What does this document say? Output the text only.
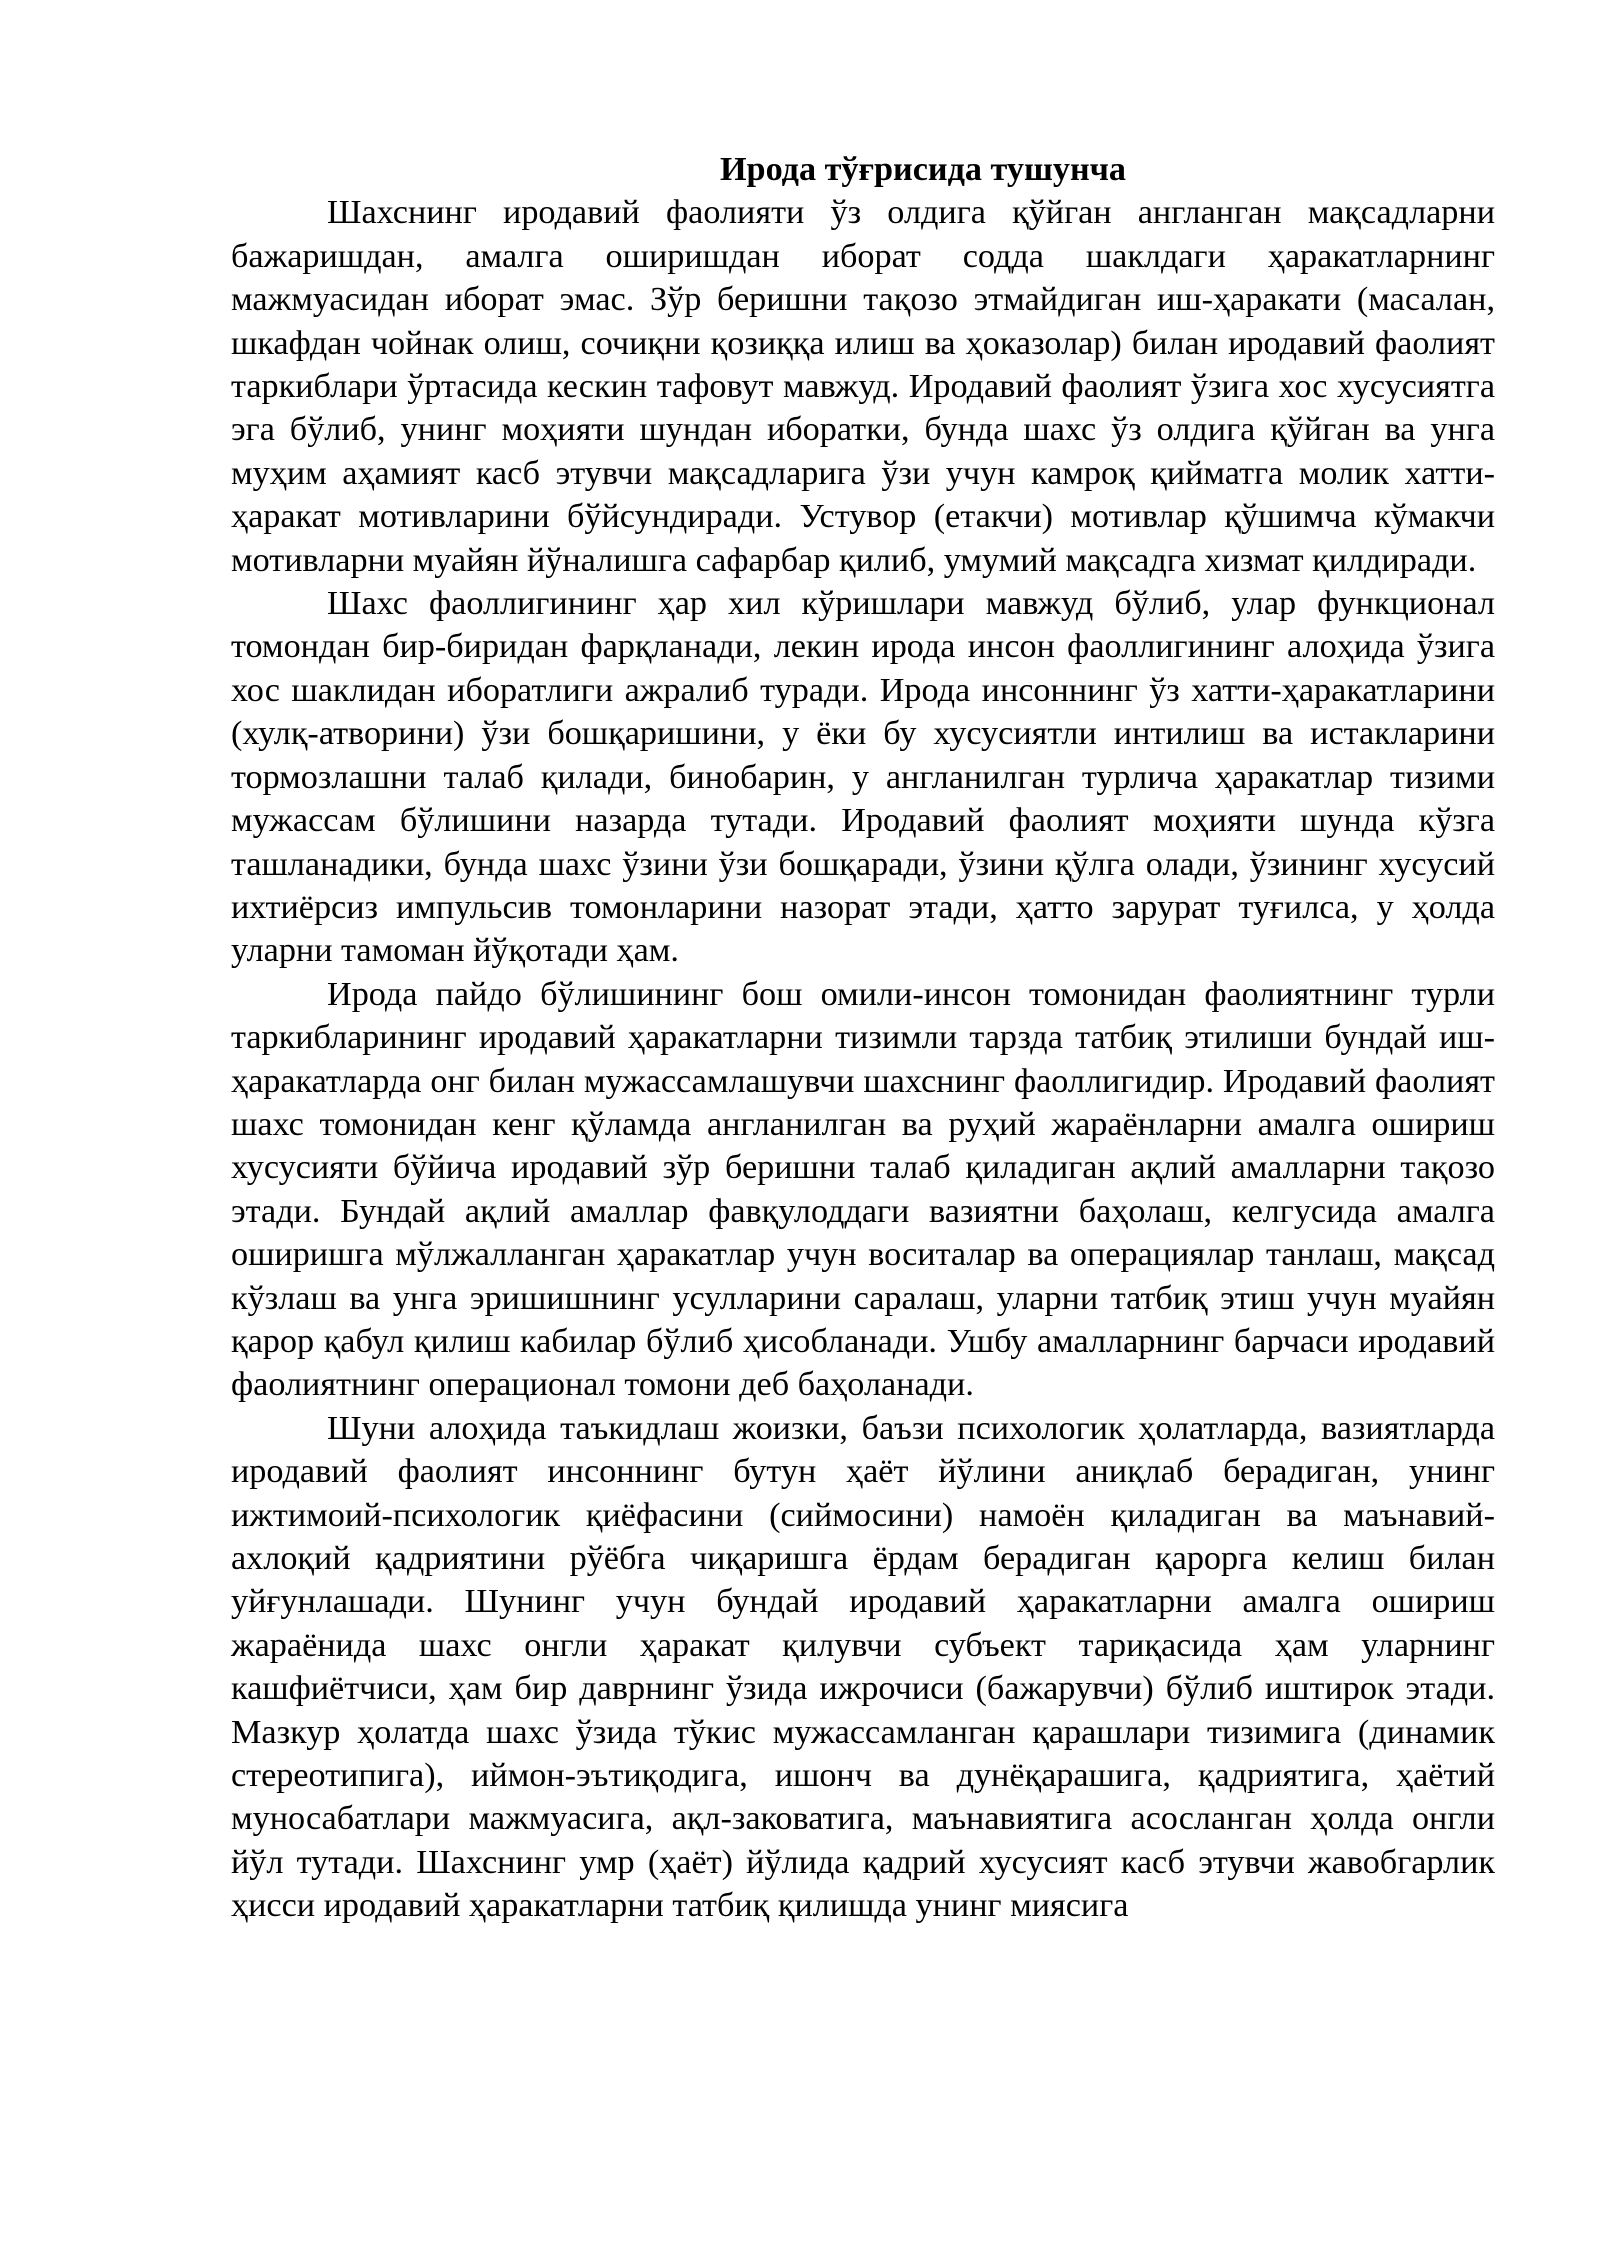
Ирода тўғрисида тушунча

Шахснинг иродавий фаолияти ўз олдига қўйган англанган мақсадларни бажаришдан, амалга оширишдан иборат содда шаклдаги ҳаракатларнинг мажмуасидан иборат эмас. Зўр беришни тақозо этмайдиган иш-ҳаракати (масалан, шкафдан чойнак олиш, сочиқни қозиққа илиш ва ҳоказолар) билан иродавий фаолият таркиблари ўртасида кескин тафовут мавжуд. Иродавий фаолият ўзига хос хусусиятга эга бўлиб, унинг моҳияти шундан иборатки, бунда шахс ўз олдига қўйган ва унга муҳим аҳамият касб этувчи мақсадларига ўзи учун камроқ қийматга молик хатти-ҳаракат мотивларини бўйсундиради. Устувор (етакчи) мотивлар қўшимча кўмакчи мотивларни муайян йўналишга сафарбар қилиб, умумий мақсадга хизмат қилдиради.

Шахс фаоллигининг ҳар хил кўришлари мавжуд бўлиб, улар функционал томондан бир-биридан фарқланади, лекин ирода инсон фаоллигининг алоҳида ўзига хос шаклидан иборатлиги ажралиб туради. Ирода инсоннинг ўз хатти-ҳаракатларини (хулқ-атворини) ўзи бошқаришини, у ёки бу хусусиятли интилиш ва истакларини тормозлашни талаб қилади, бинобарин, у англанилган турлича ҳаракатлар тизими мужассам бўлишини назарда тутади. Иродавий фаолият моҳияти шунда кўзга ташланадики, бунда шахс ўзини ўзи бошқаради, ўзини қўлга олади, ўзининг хусусий ихтиёрсиз импульсив томонларини назорат этади, ҳатто зарурат туғилса, у ҳолда уларни тамоман йўқотади ҳам.

Ирода пайдо бўлишининг бош омили-инсон томонидан фаолиятнинг турли таркибларининг иродавий ҳаракатларни тизимли тарзда татбиқ этилиши бундай иш-ҳаракатларда онг билан мужассамлашувчи шахснинг фаоллигидир. Иродавий фаолият шахс томонидан кенг қўламда англанилган ва руҳий жараёнларни амалга ошириш хусусияти бўйича иродавий зўр беришни талаб қиладиган ақлий амалларни тақозо этади. Бундай ақлий амаллар фавқулоддаги вазиятни баҳолаш, келгусида амалга оширишга мўлжалланган ҳаракатлар учун воситалар ва операциялар танлаш, мақсад кўзлаш ва унга эришишнинг усулларини саралаш, уларни татбиқ этиш учун муайян қарор қабул қилиш кабилар бўлиб ҳисобланади. Ушбу амалларнинг барчаси иродавий фаолиятнинг операционал томони деб баҳоланади.

Шуни алоҳида таъкидлаш жоизки, баъзи психологик ҳолатларда, вазиятларда иродавий фаолият инсоннинг бутун ҳаёт йўлини аниқлаб берадиган, унинг ижтимоий-психологик қиёфасини (сиймосини) намоён қиладиган ва маънавий-ахлоқий қадриятини рўёбга чиқаришга ёрдам берадиган қарорга келиш билан уйғунлашади. Шунинг учун бундай иродавий ҳаракатларни амалга ошириш жараёнида шахс онгли ҳаракат қилувчи субъект тариқасида ҳам уларнинг кашфиётчиси, ҳам бир даврнинг ўзида ижрочиси (бажарувчи) бўлиб иштирок этади. Мазкур ҳолатда шахс ўзида тўкис мужассамланган қарашлари тизимига (динамик стереотипига), иймон-эътиқодига, ишонч ва дунёқарашига, қадриятига, ҳаётий муносабатлари мажмуасига, ақл-заковатига, маънавиятига асосланган ҳолда онгли йўл тутади. Шахснинг умр (ҳаёт) йўлида қадрий хусусият касб этувчи жавобгарлик ҳисси иродавий ҳаракатларни татбиқ қилишда унинг миясига
